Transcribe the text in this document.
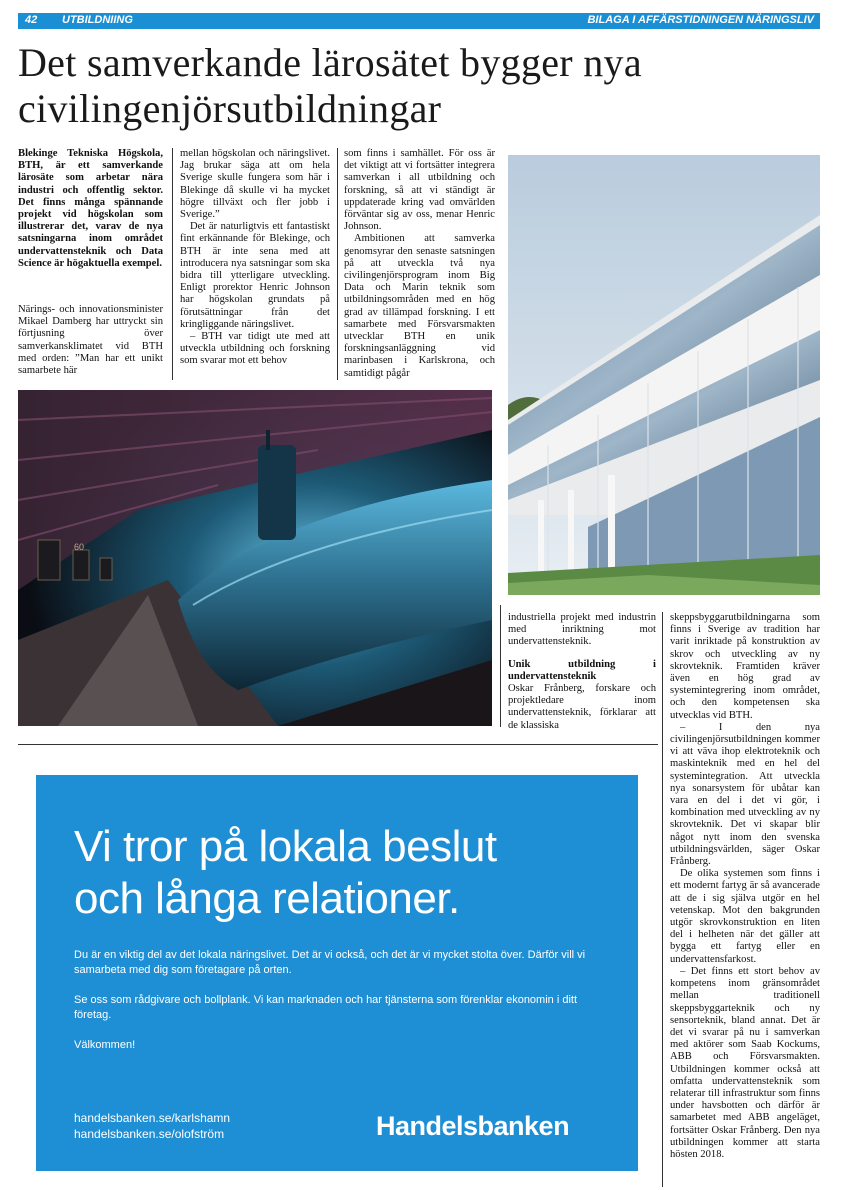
42 UTBILDNIING	BILAGA I AFFÄRSTIDNINGEN NÄRINGSLIV
Det samverkande lärosätet bygger nya
civilingenjörsutbildningar

Blekinge Tekniska Högskola, BTH, är ett samverkande lärosäte som arbetar nära industri och offentlig sektor. Det finns många spännande projekt vid högskolan som illustrerar det, varav de nya satsningarna inom området undervattensteknik och Data Science är högaktuella exempel.

Närings- och innovationsminister Mikael Damberg har uttryckt sin förtjusning över samverkansklimatet vid BTH med orden: ”Man har ett unikt samarbete här

mellan högskolan och näringslivet. Jag brukar säga att om hela Sverige skulle fungera som här i Blekinge då skulle vi ha mycket högre tillväxt och fler jobb i Sverige.”

Det är naturligtvis ett fantastiskt fint erkännande för Blekinge, och BTH är inte sena med att introducera nya satsningar som ska bidra till ytterligare utveckling. Enligt prorektor Henric Johnson har högskolan grundats på förutsättningar från det kringliggande näringslivet.

– BTH var tidigt ute med att utveckla utbildning och forskning som svarar mot ett behov

som finns i samhället. För oss är det viktigt att vi fortsätter integrera samverkan i all utbildning och forskning, så att vi ständigt är uppdaterade kring vad omvärlden förväntar sig av oss, menar Henric Johnson.

Ambitionen att samverka genomsyrar den senaste satsningen på att utveckla två nya civilingenjörsprogram inom Big Data och Marin teknik som utbildningsområden med en hög grad av tillämpad forskning. I ett samarbete med Försvarsmakten utvecklar BTH en unik forskningsanläggning vid marinbasen i Karlskrona, och samtidigt pågår

60

industriella projekt med industrin med inriktning mot undervattensteknik.

Unik utbildning i undervattensteknik

Oskar Frånberg, forskare och projektledare inom undervattensteknik, förklarar att de klassiska

skeppsbyggarutbildningarna som finns i Sverige av tradition har varit inriktade på konstruktion av skrov och utveckling av ny skrovteknik. Framtiden kräver även en hög grad av systemintegrering inom området, och den kompetensen ska utvecklas vid BTH.

– I den nya civilingenjörsutbildningen kommer vi att väva ihop elektroteknik och maskinteknik med en hel del systemintegration. Att utveckla nya sonarsystem för ubåtar kan vara en del i det vi gör, i kombination med utveckling av ny skrovteknik. Det vi skapar blir något nytt inom den svenska utbildningsvärlden, säger Oskar Frånberg.

De olika systemen som finns i ett modernt fartyg är så avancerade att de i sig själva utgör en hel vetenskap. Mot den bakgrunden utgör skrovkonstruktion en liten del i helheten när det gäller att bygga ett fartyg eller en undervattensfarkost.

– Det finns ett stort behov av kompetens inom gränsområdet mellan traditionell skeppsbyggarteknik och ny sensorteknik, bland annat. Det är det vi svarar på nu i samverkan med aktörer som Saab Kockums, ABB och Försvarsmakten. Utbildningen kommer också att omfatta undervattensteknik som relaterar till infrastruktur som finns under havsbotten och därför är samarbetet med ABB angeläget, fortsätter Oskar Frånberg. Den nya utbildningen kommer att starta hösten 2018.

Vi tror på lokala beslut
och långa relationer.
Du är en viktig del av det lokala näringslivet. Det är vi också, och det är vi mycket stolta över. Därför vill vi samarbeta med dig som företagare på orten.
Se oss som rådgivare och bollplank. Vi kan marknaden och har tjänsterna som förenklar ekonomin i ditt företag.
Välkommen!
handelsbanken.se/karlshamn
handelsbanken.se/olofström	Handelsbanken
